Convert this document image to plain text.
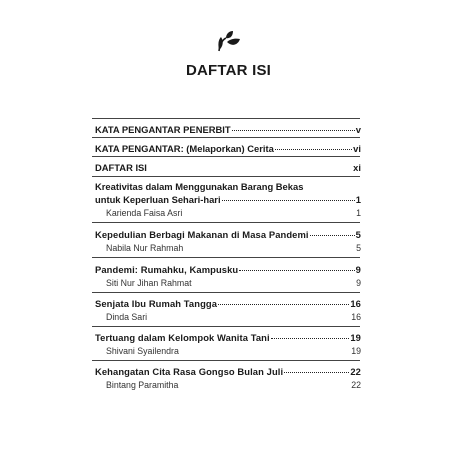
DAFTAR ISI
KATA PENGANTAR PENERBIT	v
KATA PENGANTAR: (Melaporkan) Cerita	vi
DAFTAR ISI	xi
Kreativitas dalam Menggunakan Barang Bekas
untuk Keperluan Sehari-hari	1
Karienda Faisa Asri	1
Kepedulian Berbagi Makanan di Masa Pandemi	5
Nabila Nur Rahmah	5
Pandemi: Rumahku, Kampusku	9
Siti Nur Jihan Rahmat	9
Senjata Ibu Rumah Tangga	16
Dinda Sari	16
Tertuang dalam Kelompok Wanita Tani	19
Shivani Syailendra	19
Kehangatan Cita Rasa Gongso Bulan Juli	22
Bintang Paramitha	22
